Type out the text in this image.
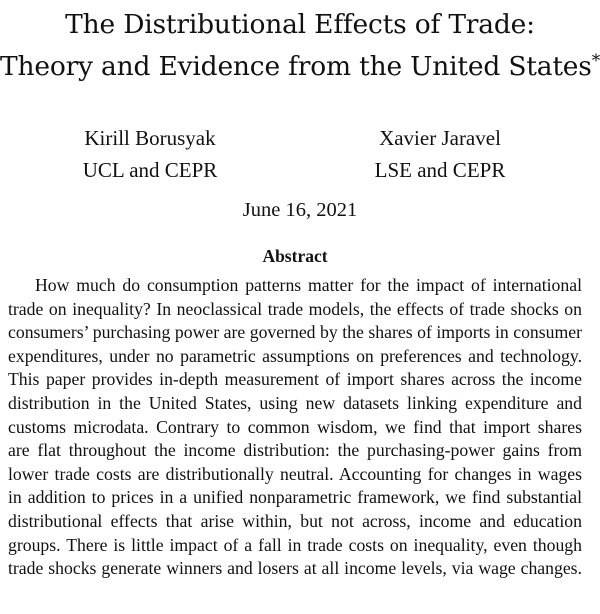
The Distributional Effects of Trade:
Theory and Evidence from the United States*
Kirill Borusyak
UCL and CEPR
Xavier Jaravel
LSE and CEPR
June 16, 2021
Abstract
How much do consumption patterns matter for the impact of international
trade on inequality? In neoclassical trade models, the effects of trade shocks on
consumers’ purchasing power are governed by the shares of imports in consumer
expenditures, under no parametric assumptions on preferences and technology.
This paper provides in-depth measurement of import shares across the income
distribution in the United States, using new datasets linking expenditure and
customs microdata. Contrary to common wisdom, we find that import shares
are flat throughout the income distribution: the purchasing-power gains from
lower trade costs are distributionally neutral. Accounting for changes in wages
in addition to prices in a unified nonparametric framework, we find substantial
distributional effects that arise within, but not across, income and education
groups. There is little impact of a fall in trade costs on inequality, even though
trade shocks generate winners and losers at all income levels, via wage changes.
